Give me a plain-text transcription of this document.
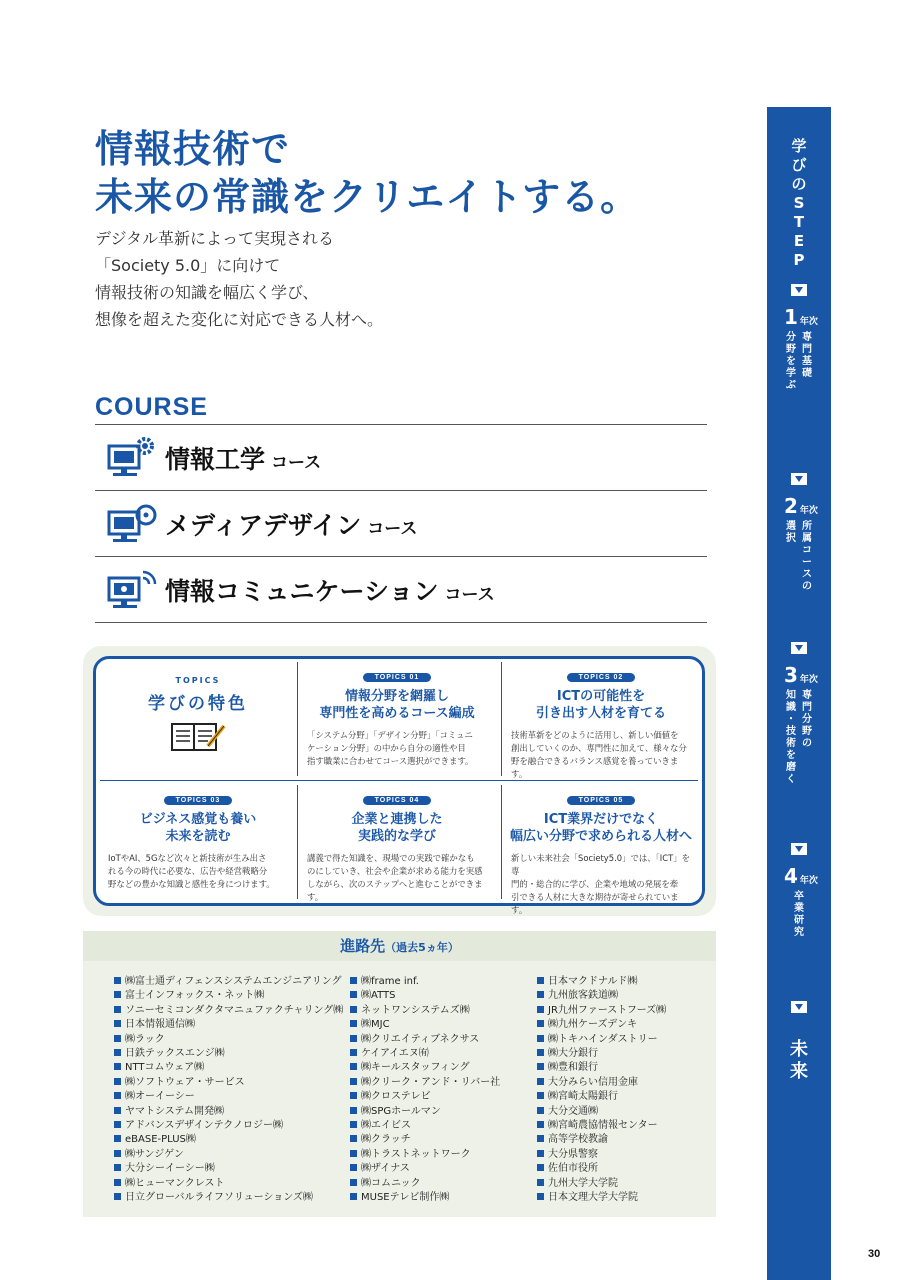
情報技術で
未来の常識をクリエイトする。
デジタル革新によって実現される
「Society 5.0」に向けて
情報技術の知識を幅広く学び、
想像を超えた変化に対応できる人材へ。
COURSE
情報工学 コース
メディアデザイン コース
情報コミュニケーション コース
TOPICS
学びの特色
TOPICS 01
情報分野を網羅し
専門性を高めるコース編成
「システム分野」「デザイン分野」「コミュニ
ケーション分野」の中から自分の適性や目
指す職業に合わせてコース選択ができます。
TOPICS 02
ICTの可能性を
引き出す人材を育てる
技術革新をどのように活用し、新しい価値を
創出していくのか、専門性に加えて、様々な分
野を融合できるバランス感覚を養っていきます。
TOPICS 03
ビジネス感覚も養い
未来を読む
IoTやAI、5Gなど次々と新技術が生み出さ
れる今の時代に必要な、広告や経営戦略分
野などの豊かな知識と感性を身につけます。
TOPICS 04
企業と連携した
実践的な学び
講義で得た知識を、現場での実践で確かなも
のにしていき、社会や企業が求める能力を実感
しながら、次のステップへと進むことができます。
TOPICS 05
ICT業界だけでなく
幅広い分野で求められる人材へ
新しい未来社会「Society5.0」では、「ICT」を専
門的・総合的に学び、企業や地域の発展を牽
引できる人材に大きな期待が寄せられています。
進路先（過去5ヵ年）
㈱富士通ディフェンスシステムエンジニアリング
富士インフォックス・ネット㈱
ソニーセミコンダクタマニュファクチャリング㈱
日本情報通信㈱
㈱ラック
日鉄テックスエンジ㈱
NTTコムウェア㈱
㈱ソフトウェア・サービス
㈱オーイーシー
ヤマトシステム開発㈱
アドバンスデザインテクノロジー㈱
eBASE-PLUS㈱
㈱サンジゲン
大分シーイーシー㈱
㈱ヒューマンクレスト
日立グローバルライフソリューションズ㈱
㈱frame inf.
㈱ATTS
ネットワンシステムズ㈱
㈱MJC
㈱クリエイティブネクサス
ケイアイエヌ㈲
㈱キールスタッフィング
㈱クリーク・アンド・リバー社
㈱クロステレビ
㈱SPGホールマン
㈱エイビス
㈱クラッチ
㈱トラストネットワーク
㈱ザイナス
㈱コムニック
MUSEテレビ制作㈱
日本マクドナルド㈱
九州旅客鉄道㈱
JR九州ファーストフーズ㈱
㈱九州ケーズデンキ
㈱トキハインダストリー
㈱大分銀行
㈱豊和銀行
大分みらい信用金庫
㈱宮崎太陽銀行
大分交通㈱
㈱宮崎農協情報センター
高等学校教諭
大分県警察
佐伯市役所
九州大学大学院
日本文理大学大学院
学
び
の
S
T
E
P
1 年次
専
門
基
礎
分
野
を
学
ぶ
2 年次
所
属
コ
ー
ス
の
選
択
3 年次
専
門
分
野
の
知
識
・
技
術
を
磨
く
4 年次
卒
業
研
究
未
来
30
